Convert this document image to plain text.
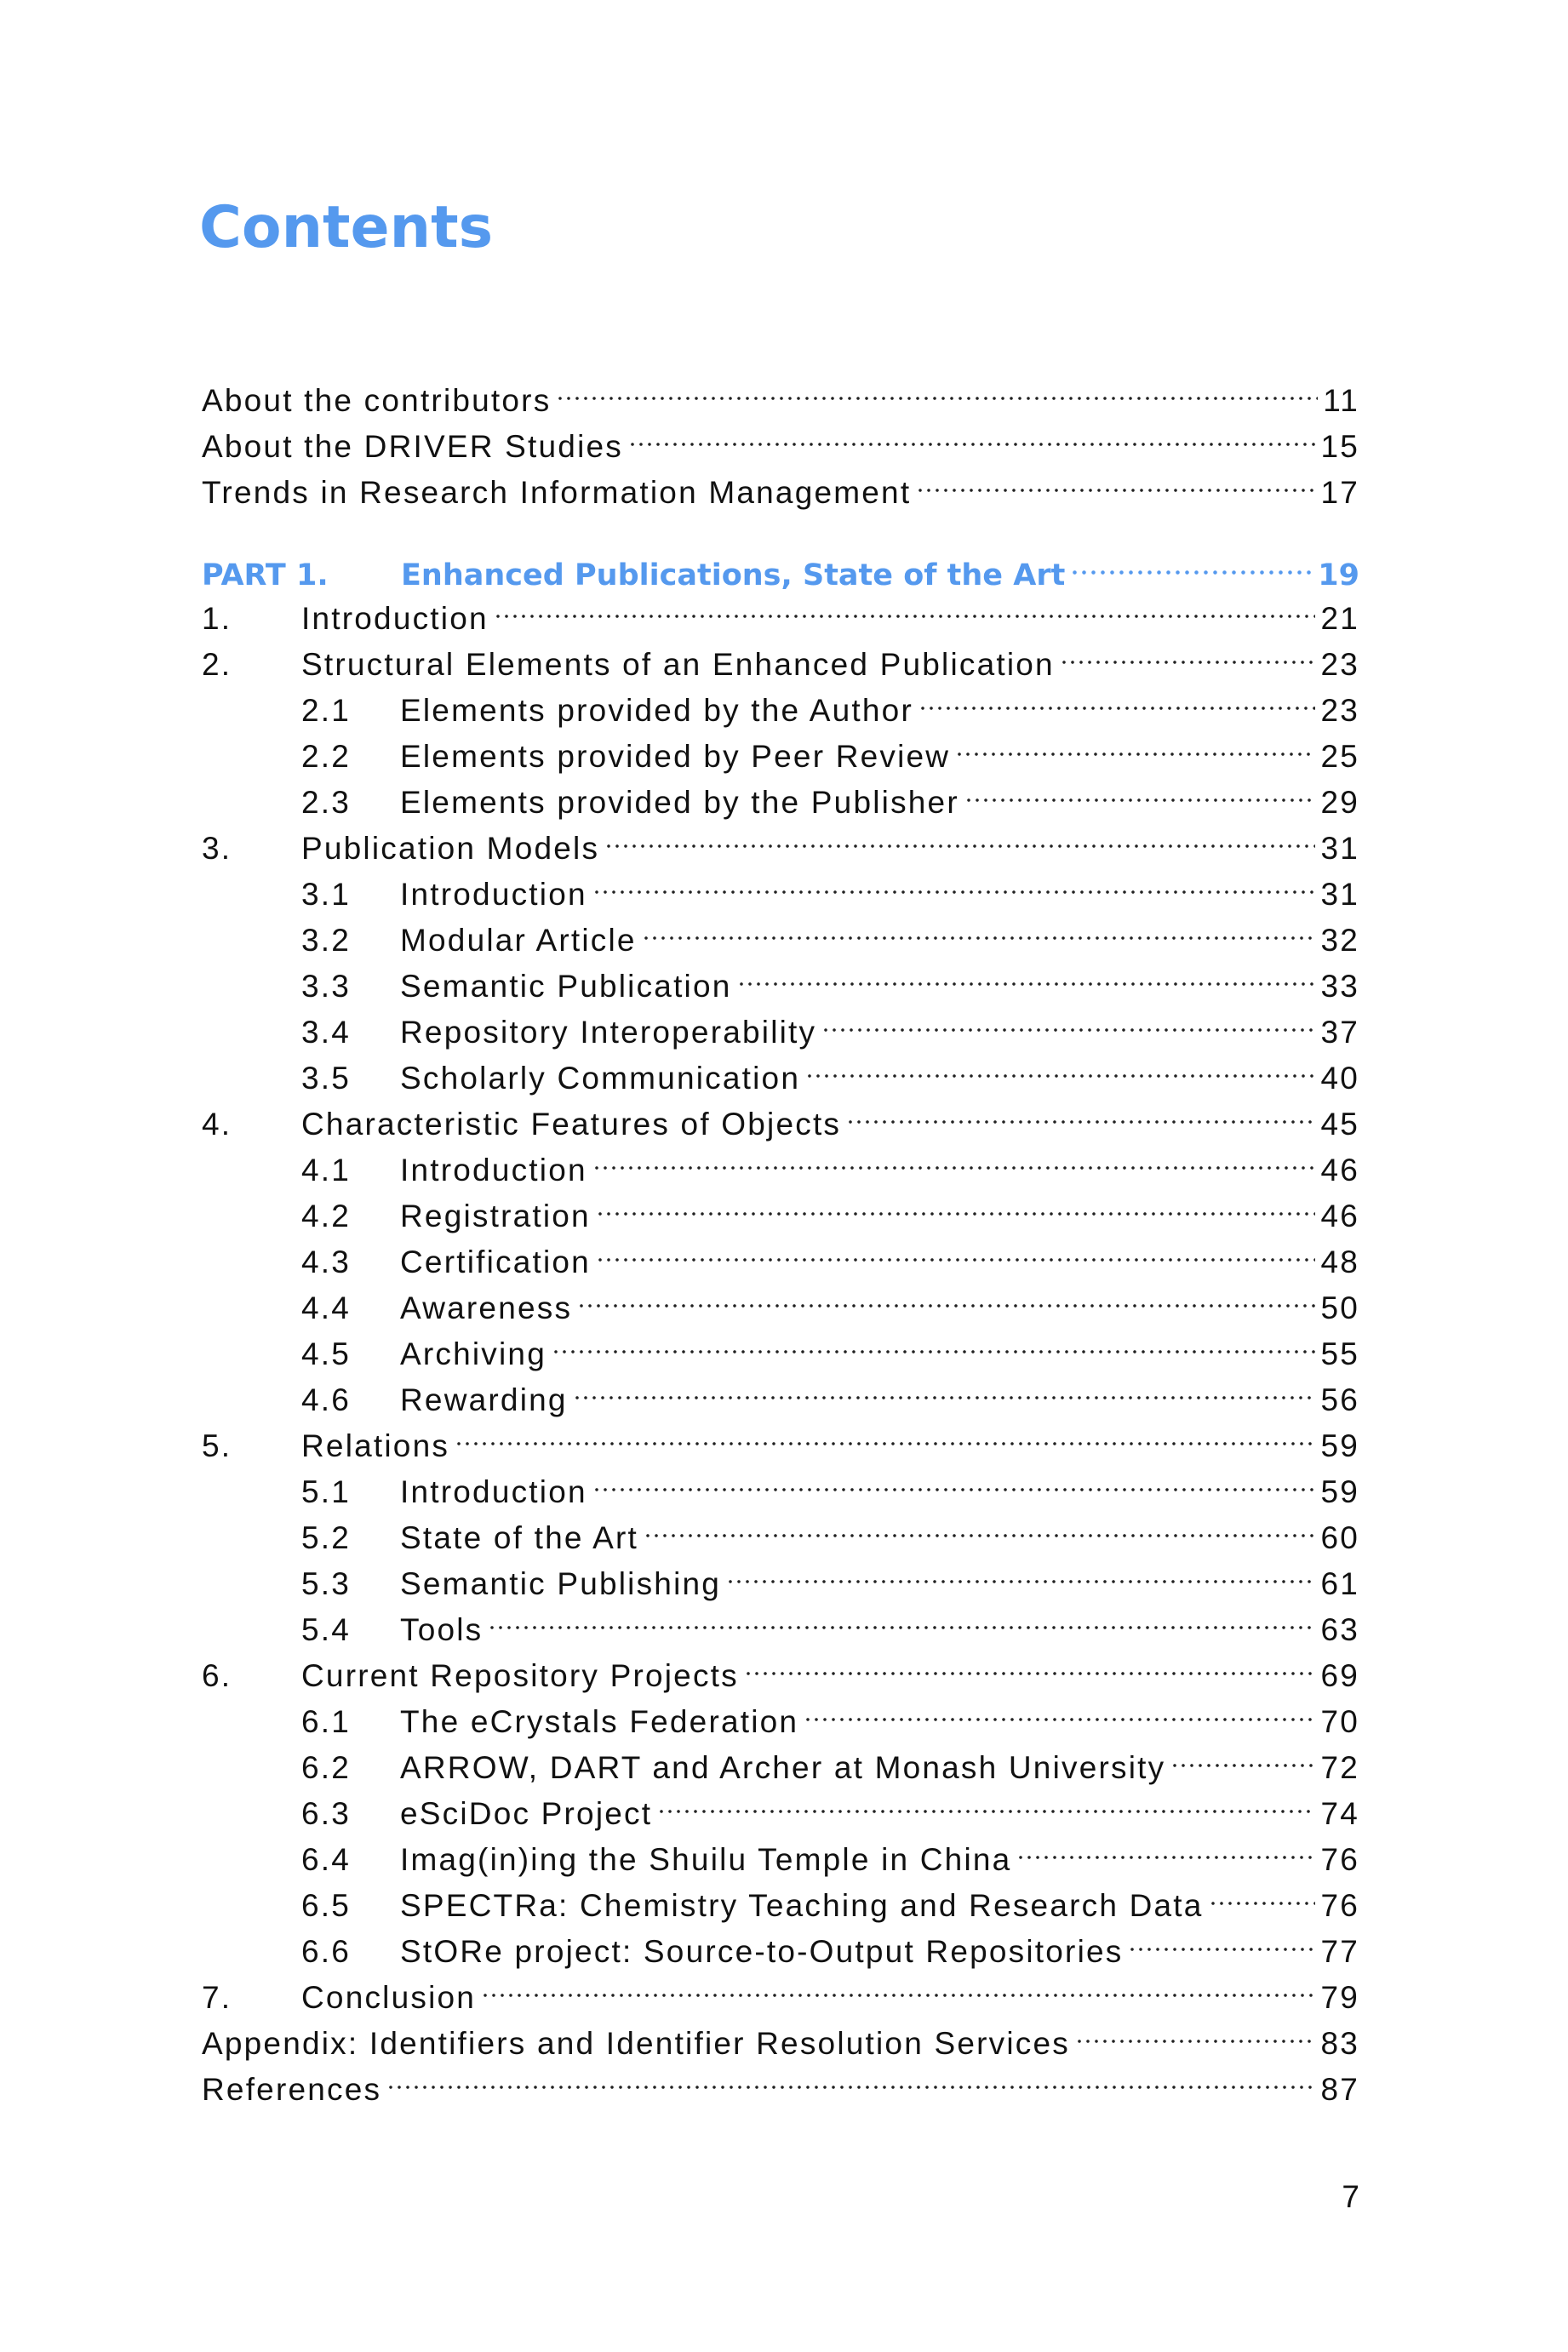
Contents
About the contributors	11
About the DRIVER Studies	15
Trends in Research Information Management	17
PART 1.	Enhanced Publications, State of the Art	19
1.	Introduction	21
2.	Structural Elements of an Enhanced Publication	23
2.1	Elements provided by the Author	23
2.2	Elements provided by Peer Review	25
2.3	Elements provided by the Publisher	29
3.	Publication Models	31
3.1	Introduction	31
3.2	Modular Article	32
3.3	Semantic Publication	33
3.4	Repository Interoperability	37
3.5	Scholarly Communication	40
4.	Characteristic Features of Objects	45
4.1	Introduction	46
4.2	Registration	46
4.3	Certification	48
4.4	Awareness	50
4.5	Archiving	55
4.6	Rewarding	56
5.	Relations	59
5.1	Introduction	59
5.2	State of the Art	60
5.3	Semantic Publishing	61
5.4	Tools	63
6.	Current Repository Projects	69
6.1	The eCrystals Federation	70
6.2	ARROW, DART and Archer at Monash University	72
6.3	eSciDoc Project	74
6.4	Imag(in)ing the Shuilu Temple in China	76
6.5	SPECTRa: Chemistry Teaching and Research Data	76
6.6	StORe project: Source-to-Output Repositories	77
7.	Conclusion	79
Appendix: Identifiers and Identifier Resolution Services	83
References	87
7
